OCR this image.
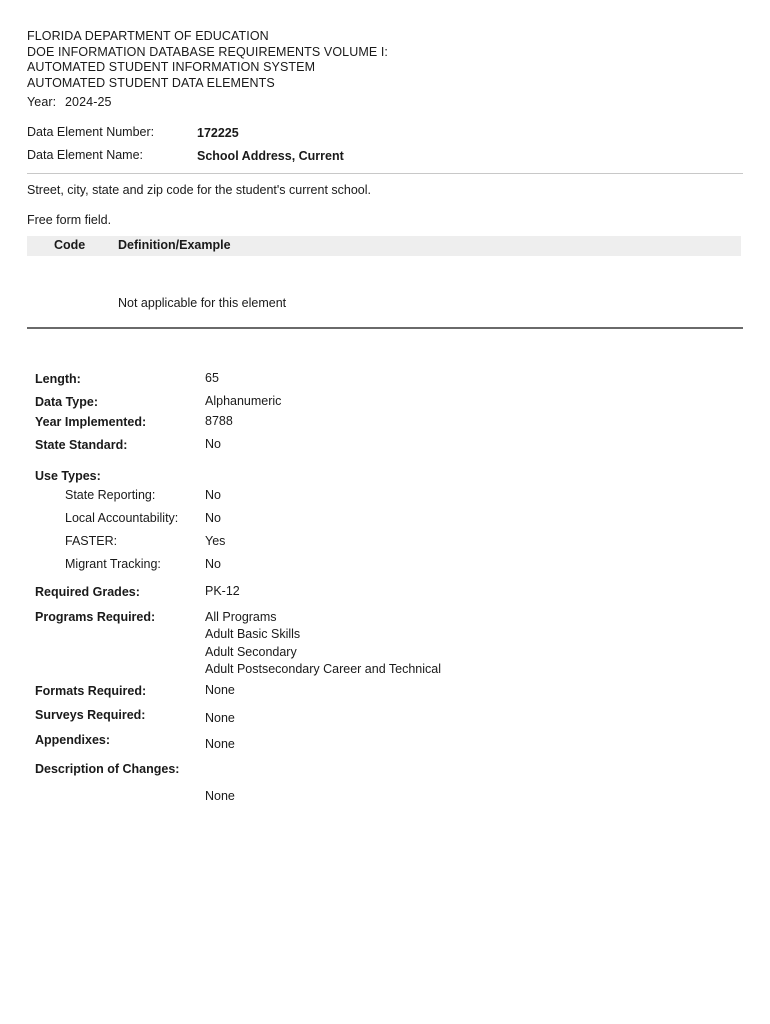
FLORIDA DEPARTMENT OF EDUCATION
DOE INFORMATION DATABASE REQUIREMENTS VOLUME I:
AUTOMATED STUDENT INFORMATION SYSTEM
AUTOMATED STUDENT DATA ELEMENTS
Year: 2024-25
Data Element Number:	172225
Data Element Name:	School Address, Current
Street, city, state and zip code for the student's current school.
Free form field.
Code	Definition/Example
Not applicable for this element
Length:	65
Data Type:	Alphanumeric
Year Implemented:	8788
State Standard:	No
Use Types:
State Reporting:	No
Local Accountability: No
FASTER:	Yes
Migrant Tracking:	No
Required Grades:	PK-12
Programs Required:	All Programs
Adult Basic Skills
Adult Secondary
Adult Postsecondary Career and Technical
Formats Required:	None
Surveys Required:	None
Appendixes:	None
Description of Changes:
None
